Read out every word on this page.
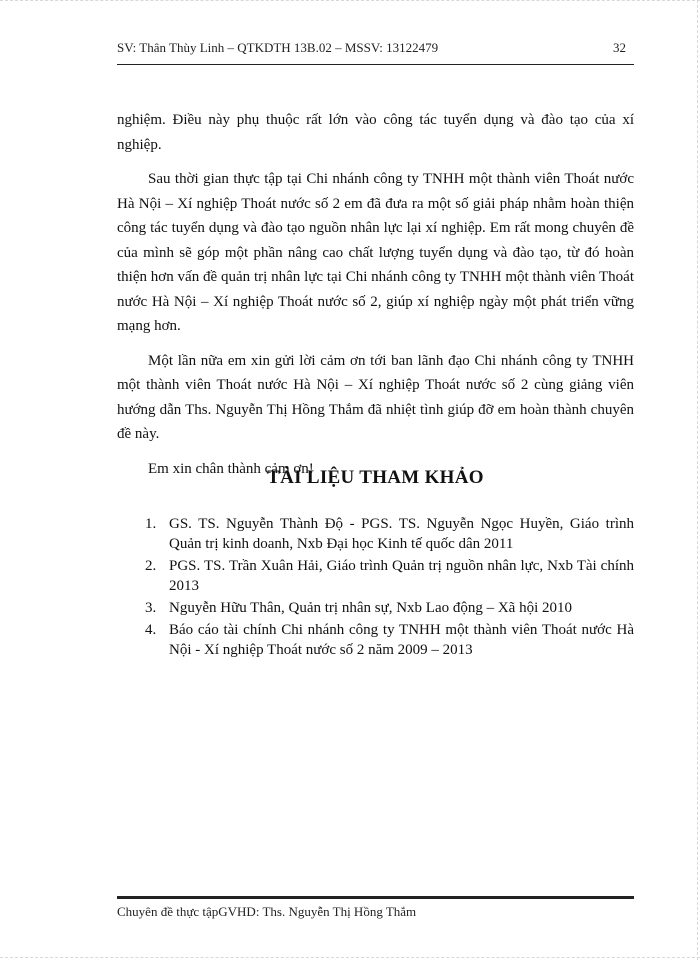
SV: Thân Thùy Linh – QTKDTH 13B.02 – MSSV: 13122479	32

nghiệm. Điều này phụ thuộc rất lớn vào công tác tuyển dụng và đào tạo của xí nghiệp.

Sau thời gian thực tập tại Chi nhánh công ty TNHH một thành viên Thoát nước Hà Nội – Xí nghiệp Thoát nước số 2 em đã đưa ra một số giải pháp nhằm hoàn thiện công tác tuyển dụng và đào tạo nguồn nhân lực lại xí nghiệp. Em rất mong chuyên đề của mình sẽ góp một phần nâng cao chất lượng tuyển dụng và đào tạo, từ đó hoàn thiện hơn vấn đề quản trị nhân lực tại Chi nhánh công ty TNHH một thành viên Thoát nước Hà Nội – Xí nghiệp Thoát nước số 2, giúp xí nghiệp ngày một phát triển vững mạng hơn.

Một lần nữa em xin gửi lời cảm ơn tới ban lãnh đạo Chi nhánh công ty TNHH một thành viên Thoát nước Hà Nội – Xí nghiệp Thoát nước số 2 cùng giảng viên hướng dẫn Ths. Nguyễn Thị Hồng Thắm đã nhiệt tình giúp đỡ em hoàn thành chuyên đề này.

Em xin chân thành cảm ơn!

TÀI LIỆU THAM KHẢO
1. GS. TS. Nguyễn Thành Độ - PGS. TS. Nguyễn Ngọc Huyền, Giáo trình Quản trị kinh doanh, Nxb Đại học Kinh tế quốc dân 2011
2. PGS. TS. Trần Xuân Hải, Giáo trình Quản trị nguồn nhân lực, Nxb Tài chính 2013
3. Nguyễn Hữu Thân, Quản trị nhân sự, Nxb Lao động – Xã hội 2010
4. Báo cáo tài chính Chi nhánh công ty TNHH một thành viên Thoát nước Hà Nội - Xí nghiệp Thoát nước số 2 năm 2009 – 2013
Chuyên đề thực tậpGVHD: Ths. Nguyễn Thị Hồng Thắm
